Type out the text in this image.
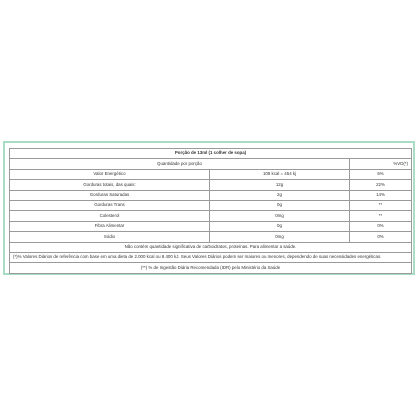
Porção de 13ml (1 colher de sopa)		
Quantidade por porção		%VD(*)
Valor Energético	108 kcal = 454 kj	5%
Gorduras totais, das quais:	12g	22%
Gorduras Saturadas	2g	14%
Gorduras Trans	0g	**
Colesterol	0mg	**
Fibra Alimentar	0g	0%
Sódio	0mg	0%
Não contém quantidade significativa de carboidratos, proteínas. Para alimentar a saúde.		
(*)% Valores Diários de referência com base em uma dieta de 2.000 kcal ou 8.400 kJ. Seus Valores Diários podem ser maiores ou menores, dependendo de suas necessidades energéticas.		
(**) % de Ingestão Diária Recomendada (IDR) pelo Ministério da Saúde		
